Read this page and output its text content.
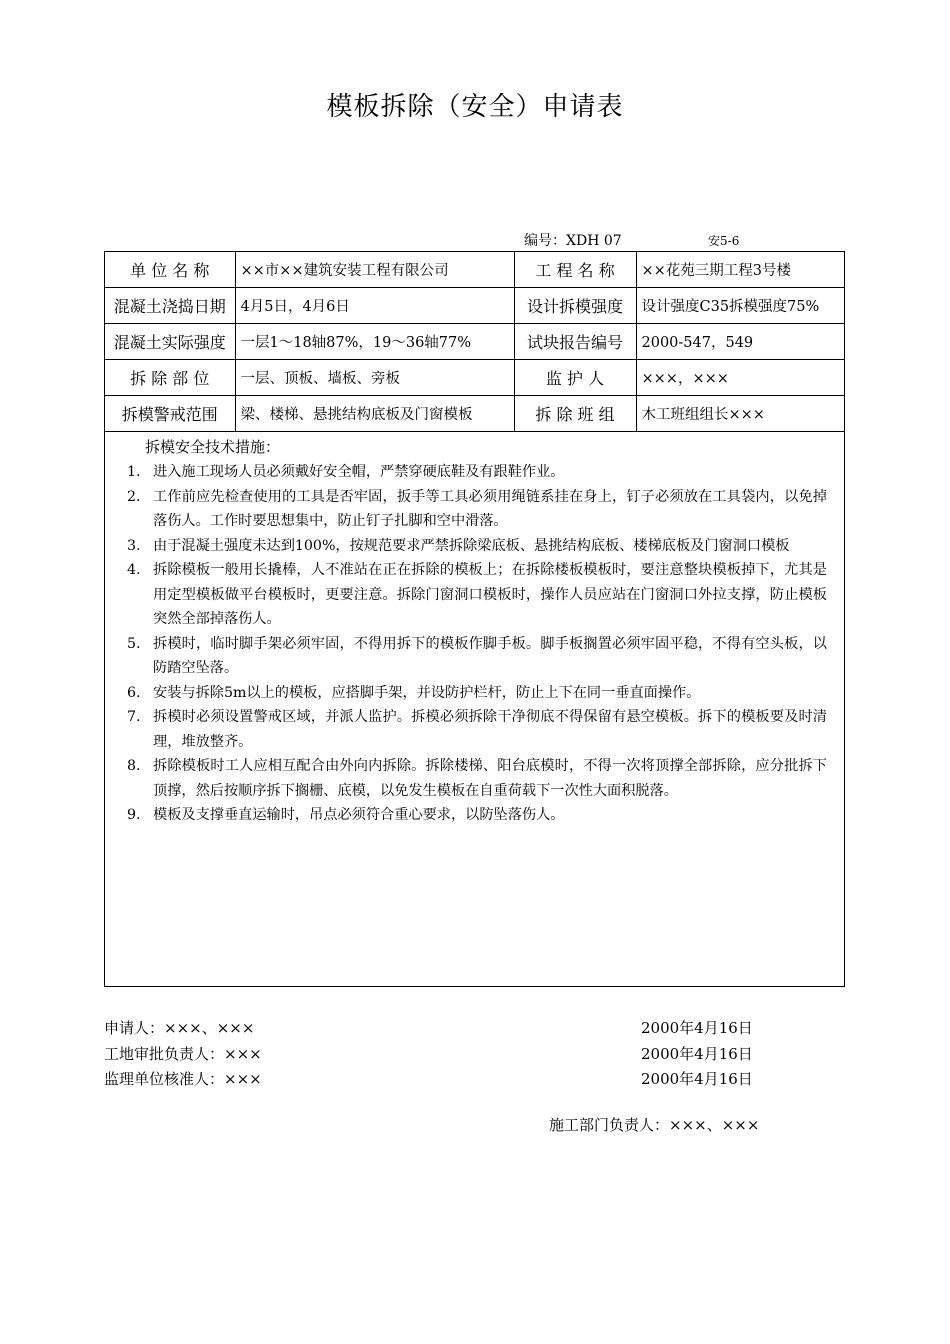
模板拆除（安全）申请表
编号：XDH 07	安5-6
单 位 名 称	××市××建筑安装工程有限公司	工 程 名 称	××花苑三期工程3号楼
混凝土浇捣日期	4月5日，4月6日	设计拆模强度	设计强度C35拆模强度75%
混凝土实际强度	一层1～18轴87%，19～36轴77%	试块报告编号	2000-547，549
拆 除 部 位	一层、顶板、墙板、旁板	监 护 人	×××，×××
拆模警戒范围	梁、楼梯、悬挑结构底板及门窗模板	拆 除 班 组	木工班组组长×××
拆模安全技术措施：
1. 进入施工现场人员必须戴好安全帽，严禁穿硬底鞋及有跟鞋作业。
2. 工作前应先检查使用的工具是否牢固，扳手等工具必须用绳链系挂在身上，钉子必须放在工具袋内，以免掉落伤人。工作时要思想集中，防止钉子扎脚和空中滑落。
3. 由于混凝土强度未达到100%，按规范要求严禁拆除梁底板、悬挑结构底板、楼梯底板及门窗洞口模板
4. 拆除模板一般用长撬棒，人不准站在正在拆除的模板上；在拆除楼板模板时，要注意整块模板掉下，尤其是用定型模板做平台模板时，更要注意。拆除门窗洞口模板时，操作人员应站在门窗洞口外拉支撑，防止模板突然全部掉落伤人。
5. 拆模时，临时脚手架必须牢固，不得用拆下的模板作脚手板。脚手板搁置必须牢固平稳，不得有空头板，以防踏空坠落。
6. 安装与拆除5m以上的模板，应搭脚手架，并设防护栏杆，防止上下在同一垂直面操作。
7. 拆模时必须设置警戒区域，并派人监护。拆模必须拆除干净彻底不得保留有悬空模板。拆下的模板要及时清理，堆放整齐。
8. 拆除模板时工人应相互配合由外向内拆除。拆除楼梯、阳台底模时，不得一次将顶撑全部拆除，应分批拆下顶撑，然后按顺序拆下搁栅、底模，以免发生模板在自重荷载下一次性大面积脱落。
9. 模板及支撑垂直运输时，吊点必须符合重心要求，以防坠落伤人。
施工部门负责人：×××、×××
申请人：×××、×××	2000年4月16日
工地审批负责人：×××	2000年4月16日
监理单位核准人：×××	2000年4月16日
